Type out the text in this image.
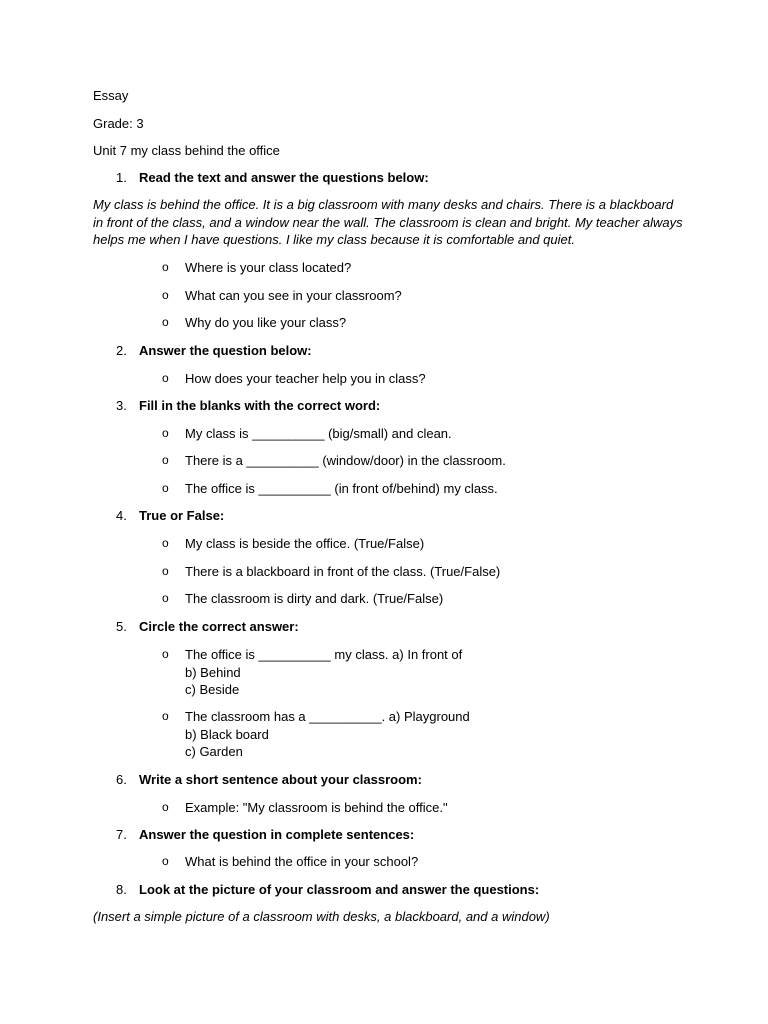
Essay
Grade: 3
Unit 7 my class behind the office
1. Read the text and answer the questions below:
My class is behind the office. It is a big classroom with many desks and chairs. There is a blackboard in front of the class, and a window near the wall. The classroom is clean and bright. My teacher always helps me when I have questions. I like my class because it is comfortable and quiet.
o Where is your class located?
o What can you see in your classroom?
o Why do you like your class?
2. Answer the question below:
o How does your teacher help you in class?
3. Fill in the blanks with the correct word:
o My class is __________ (big/small) and clean.
o There is a __________ (window/door) in the classroom.
o The office is __________ (in front of/behind) my class.
4. True or False:
o My class is beside the office. (True/False)
o There is a blackboard in front of the class. (True/False)
o The classroom is dirty and dark. (True/False)
5. Circle the correct answer:
o The office is __________ my class. a) In front of
b) Behind
c) Beside
o The classroom has a __________. a) Playground
b) Black board
c) Garden
6. Write a short sentence about your classroom:
o Example: "My classroom is behind the office."
7. Answer the question in complete sentences:
o What is behind the office in your school?
8. Look at the picture of your classroom and answer the questions:
(Insert a simple picture of a classroom with desks, a blackboard, and a window)
